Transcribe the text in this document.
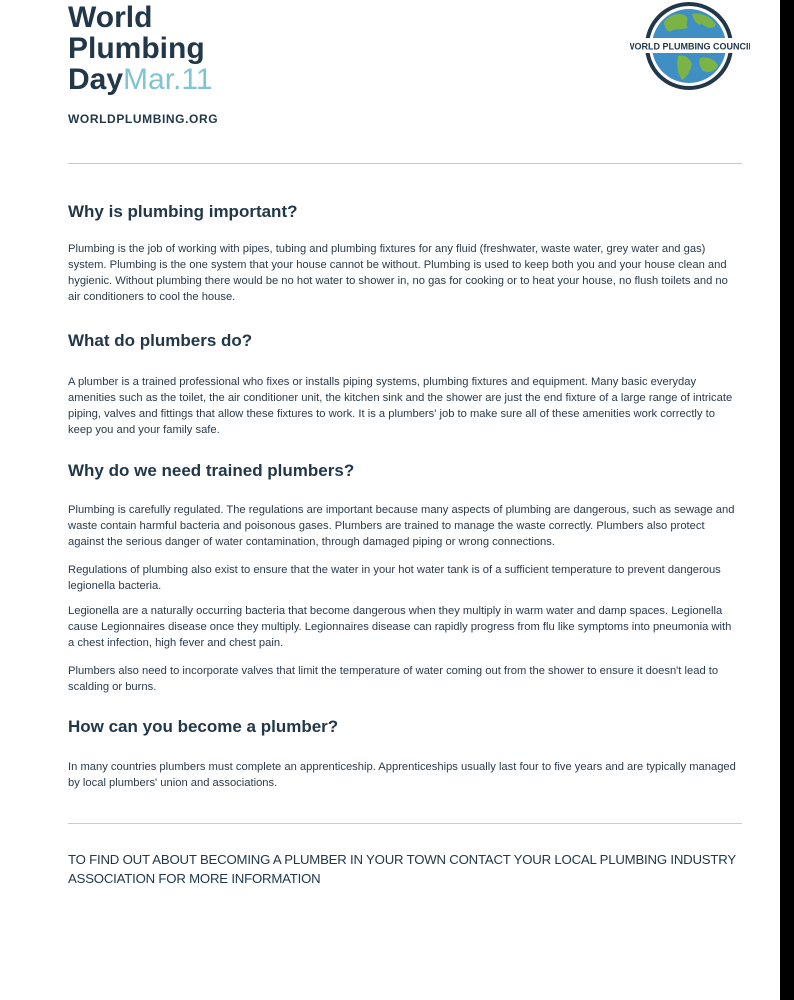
World
Plumbing
DayMar.11
WORLDPLUMBING.ORG
WORLD PLUMBING COUNCIL
Why is plumbing important?
Plumbing is the job of working with pipes, tubing and plumbing fixtures for any fluid (freshwater, waste water, grey water and gas) system. Plumbing is the one system that your house cannot be without. Plumbing is used to keep both you and your house clean and hygienic. Without plumbing there would be no hot water to shower in, no gas for cooking or to heat your house, no flush toilets and no air conditioners to cool the house.
What do plumbers do?
A plumber is a trained professional who fixes or installs piping systems, plumbing fixtures and equipment. Many basic everyday amenities such as the toilet, the air conditioner unit, the kitchen sink and the shower are just the end fixture of a large range of intricate piping, valves and fittings that allow these fixtures to work. It is a plumbers' job to make sure all of these amenities work correctly to keep you and your family safe.
Why do we need trained plumbers?
Plumbing is carefully regulated. The regulations are important because many aspects of plumbing are dangerous, such as sewage and waste contain harmful bacteria and poisonous gases. Plumbers are trained to manage the waste correctly. Plumbers also protect against the serious danger of water contamination, through damaged piping or wrong connections.
Regulations of plumbing also exist to ensure that the water in your hot water tank is of a sufficient temperature to prevent dangerous legionella bacteria.
Legionella are a naturally occurring bacteria that become dangerous when they multiply in warm water and damp spaces. Legionella cause Legionnaires disease once they multiply. Legionnaires disease can rapidly progress from flu like symptoms into pneumonia with a chest infection, high fever and chest pain.
Plumbers also need to incorporate valves that limit the temperature of water coming out from the shower to ensure it doesn't lead to scalding or burns.
How can you become a plumber?
In many countries plumbers must complete an apprenticeship. Apprenticeships usually last four to five years and are typically managed by local plumbers' union and associations.
TO FIND OUT ABOUT BECOMING A PLUMBER IN YOUR TOWN CONTACT YOUR LOCAL PLUMBING INDUSTRY ASSOCIATION FOR MORE INFORMATION
